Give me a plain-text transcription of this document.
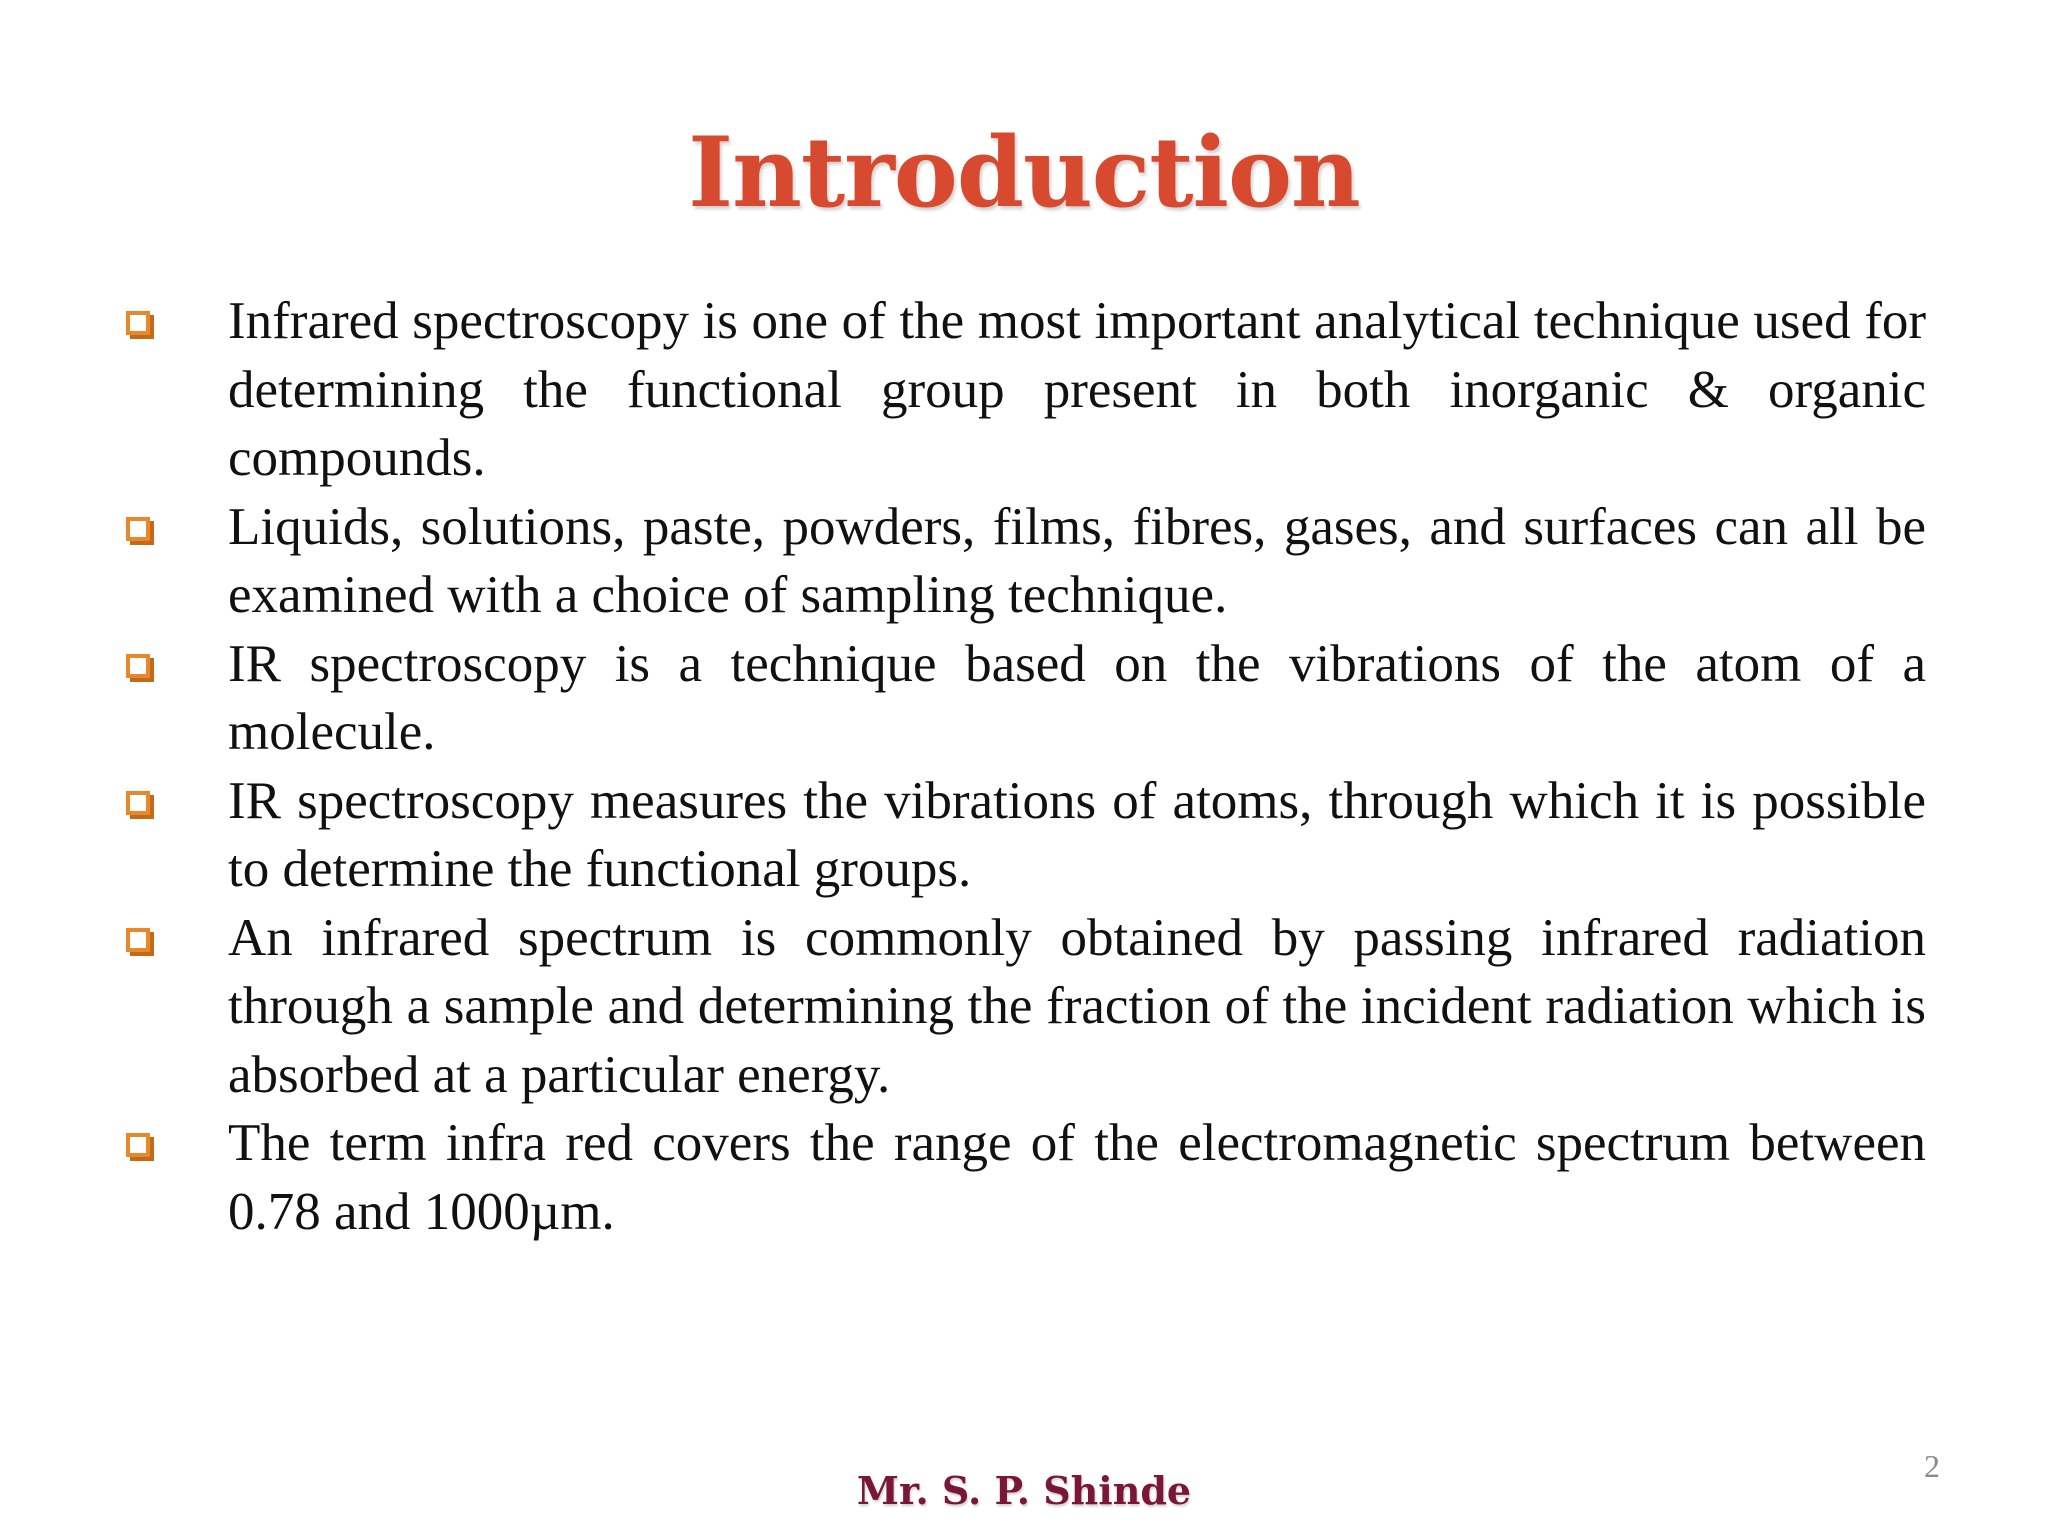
Introduction
Infrared spectroscopy is one of the most important analytical technique used for determining the functional group present in both inorganic & organic compounds.
Liquids, solutions, paste, powders, films, fibres, gases, and surfaces can all be examined with a choice of sampling technique.
IR spectroscopy is a technique based on the vibrations of the atom of a molecule.
IR spectroscopy measures the vibrations of atoms, through which it is possible to determine the functional groups.
An infrared spectrum is commonly obtained by passing infrared radiation through a sample and determining the fraction of the incident radiation which is absorbed at a particular energy.
The term infra red covers the range of the electromagnetic spectrum between 0.78 and 1000µm.
Mr. S. P. Shinde
2
